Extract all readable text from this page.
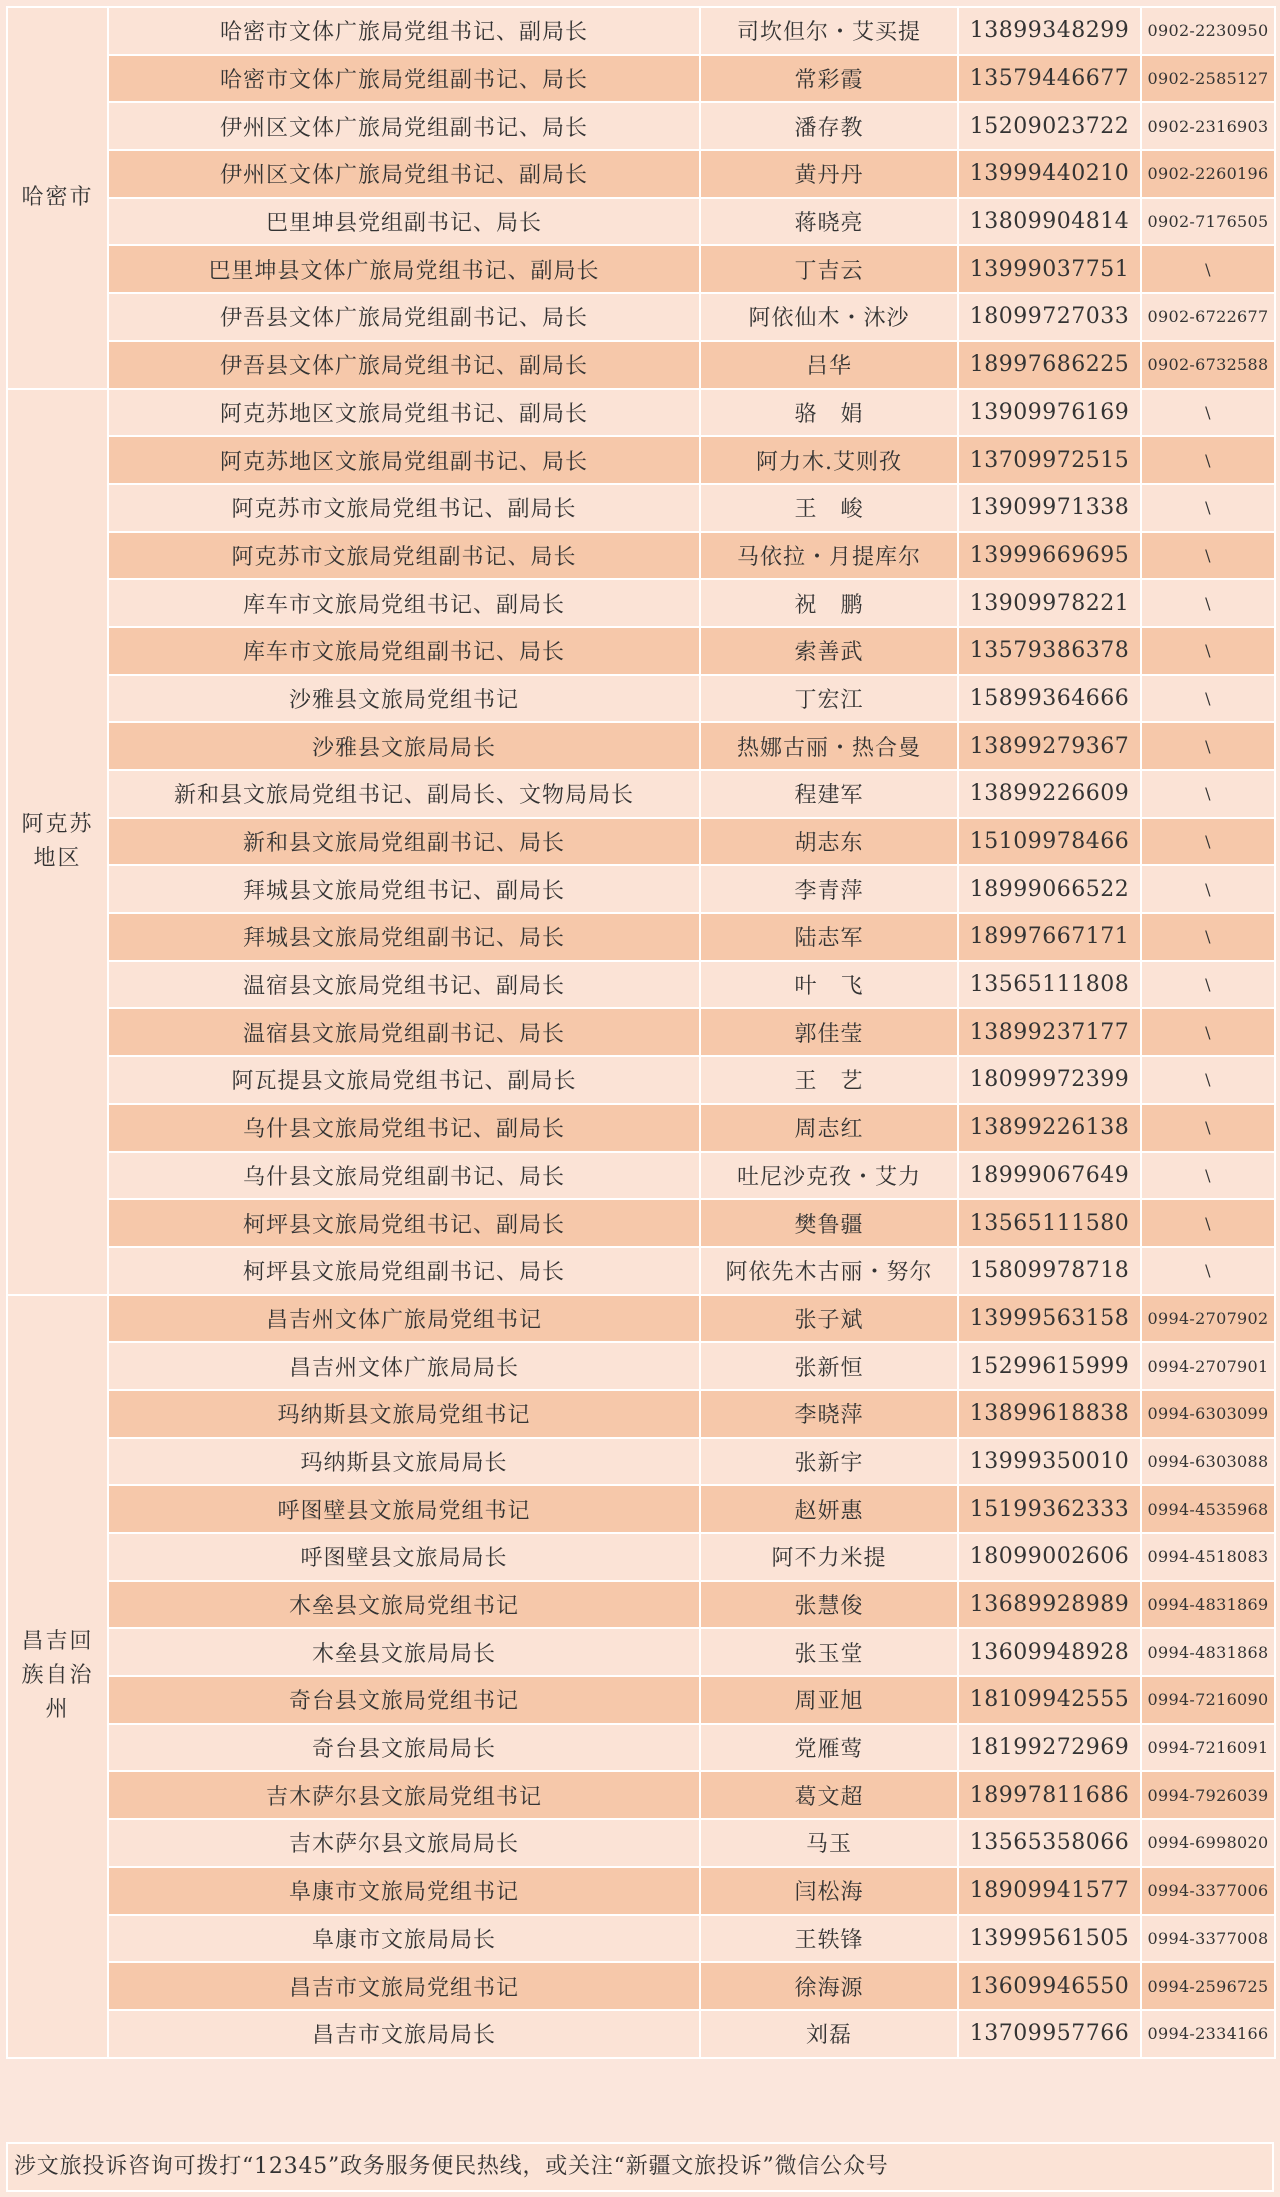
哈密市	哈密市文体广旅局党组书记、副局长	司坎但尔・艾买提	13899348299	0902-2230950
	哈密市文体广旅局党组副书记、局长	常彩霞	13579446677	0902-2585127
	伊州区文体广旅局党组副书记、局长	潘存教	15209023722	0902-2316903
	伊州区文体广旅局党组书记、副局长	黄丹丹	13999440210	0902-2260196
	巴里坤县党组副书记、局长	蒋晓亮	13809904814	0902-7176505
	巴里坤县文体广旅局党组书记、副局长	丁吉云	13999037751	\
	伊吾县文体广旅局党组副书记、局长	阿依仙木・沐沙	18099727033	0902-6722677
	伊吾县文体广旅局党组书记、副局长	吕华	18997686225	0902-6732588
阿克苏地区	阿克苏地区文旅局党组书记、副局长	骆　娟	13909976169	\
	阿克苏地区文旅局党组副书记、局长	阿力木.艾则孜	13709972515	\
	阿克苏市文旅局党组书记、副局长	王　峻	13909971338	\
	阿克苏市文旅局党组副书记、局长	马依拉・月提库尔	13999669695	\
	库车市文旅局党组书记、副局长	祝　鹏	13909978221	\
	库车市文旅局党组副书记、局长	索善武	13579386378	\
	沙雅县文旅局党组书记	丁宏江	15899364666	\
	沙雅县文旅局局长	热娜古丽・热合曼	13899279367	\
	新和县文旅局党组书记、副局长、文物局局长	程建军	13899226609	\
	新和县文旅局党组副书记、局长	胡志东	15109978466	\
	拜城县文旅局党组书记、副局长	李青萍	18999066522	\
	拜城县文旅局党组副书记、局长	陆志军	18997667171	\
	温宿县文旅局党组书记、副局长	叶　飞	13565111808	\
	温宿县文旅局党组副书记、局长	郭佳莹	13899237177	\
	阿瓦提县文旅局党组书记、副局长	王　艺	18099972399	\
	乌什县文旅局党组书记、副局长	周志红	13899226138	\
	乌什县文旅局党组副书记、局长	吐尼沙克孜・艾力	18999067649	\
	柯坪县文旅局党组书记、副局长	樊鲁疆	13565111580	\
	柯坪县文旅局党组副书记、局长	阿依先木古丽・努尔	15809978718	\
昌吉回族自治州	昌吉州文体广旅局党组书记	张子斌	13999563158	0994-2707902
	昌吉州文体广旅局局长	张新恒	15299615999	0994-2707901
	玛纳斯县文旅局党组书记	李晓萍	13899618838	0994-6303099
	玛纳斯县文旅局局长	张新宇	13999350010	0994-6303088
	呼图壁县文旅局党组书记	赵妍惠	15199362333	0994-4535968
	呼图壁县文旅局局长	阿不力米提	18099002606	0994-4518083
	木垒县文旅局党组书记	张慧俊	13689928989	0994-4831869
	木垒县文旅局局长	张玉堂	13609948928	0994-4831868
	奇台县文旅局党组书记	周亚旭	18109942555	0994-7216090
	奇台县文旅局局长	党雁莺	18199272969	0994-7216091
	吉木萨尔县文旅局党组书记	葛文超	18997811686	0994-7926039
	吉木萨尔县文旅局局长	马玉	13565358066	0994-6998020
	阜康市文旅局党组书记	闫松海	18909941577	0994-3377006
	阜康市文旅局局长	王轶锋	13999561505	0994-3377008
	昌吉市文旅局党组书记	徐海源	13609946550	0994-2596725
	昌吉市文旅局局长	刘磊	13709957766	0994-2334166
涉文旅投诉咨询可拨打“12345”政务服务便民热线，或关注“新疆文旅投诉”微信公众号
